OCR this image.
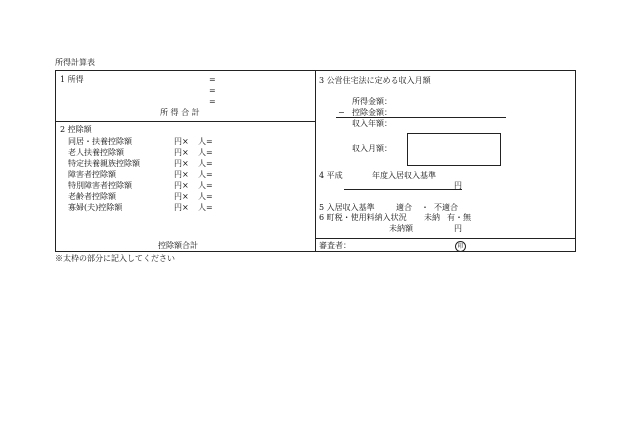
所得計算表
1 所得	=
=
=
所 得 合 計
2 控除額
同居・扶養控除額	円× 人=
老人扶養控除額	円× 人=
特定扶養親族控除額	円× 人=
障害者控除額	円× 人=
特別障害者控除額	円× 人=
老齢者控除額	円× 人=
寡婦(夫)控除額	円× 人=
控除額合計
3 公営住宅法に定める収入月額
所得金額：
− 控除金額：
収入年額：
収入月額：
4 平成	年度入居収入基準
円
5 入居収入基準	適合 ・ 不適合
6 町税・使用料納入状況 未納 有・無
未納額	円
審査者：	印
※太枠の部分に記入してください
